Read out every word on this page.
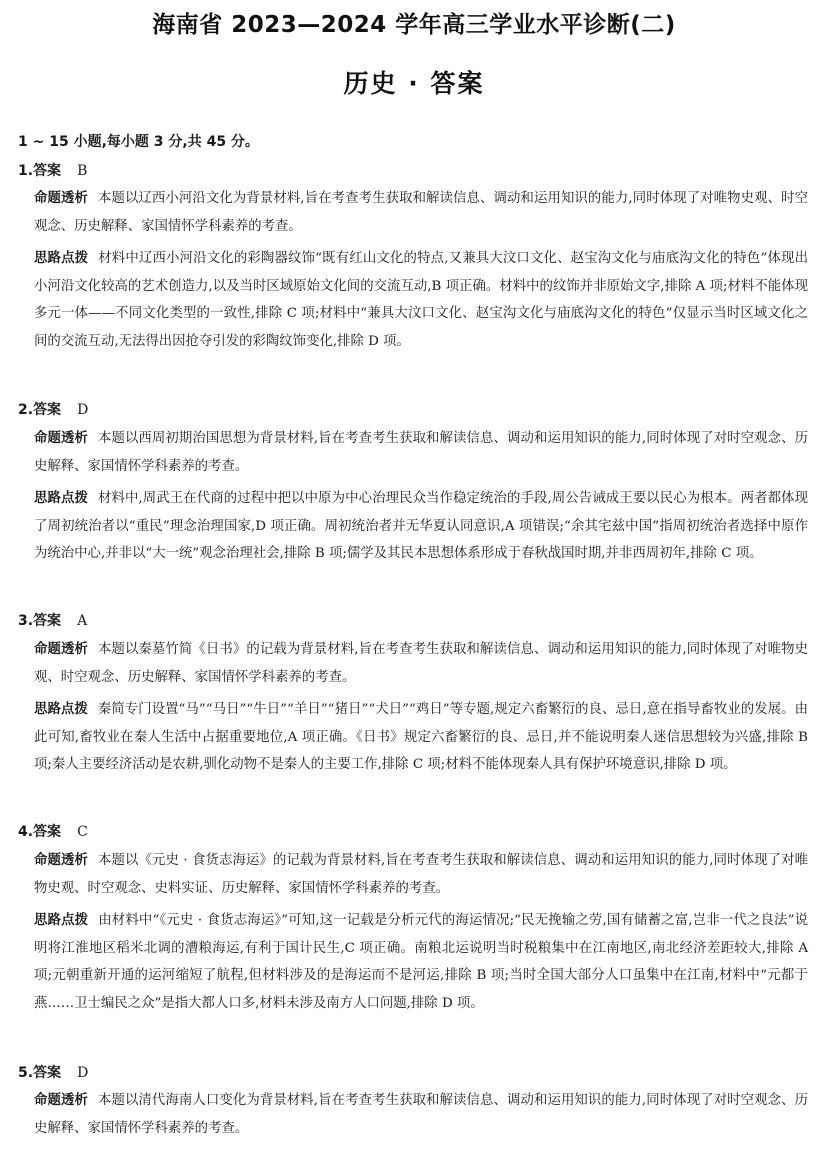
海南省 2023—2024 学年高三学业水平诊断(二)
历史 · 答案
1 ~ 15 小题,每小题 3 分,共 45 分。
1.答案 B
命题透析 本题以辽西小河沿文化为背景材料,旨在考查考生获取和解读信息、调动和运用知识的能力,同时体现了对唯物史观、时空观念、历史解释、家国情怀学科素养的考查。
思路点拨 材料中辽西小河沿文化的彩陶器纹饰“既有红山文化的特点,又兼具大汶口文化、赵宝沟文化与庙底沟文化的特色”体现出小河沿文化较高的艺术创造力,以及当时区域原始文化间的交流互动,B 项正确。材料中的纹饰并非原始文字,排除 A 项;材料不能体现多元一体——不同文化类型的一致性,排除 C 项;材料中“兼具大汶口文化、赵宝沟文化与庙底沟文化的特色”仅显示当时区域文化之间的交流互动,无法得出因抢夺引发的彩陶纹饰变化,排除 D 项。
2.答案 D
命题透析 本题以西周初期治国思想为背景材料,旨在考查考生获取和解读信息、调动和运用知识的能力,同时体现了对时空观念、历史解释、家国情怀学科素养的考查。
思路点拨 材料中,周武王在代商的过程中把以中原为中心治理民众当作稳定统治的手段,周公告诫成王要以民心为根本。两者都体现了周初统治者以“重民”理念治理国家,D 项正确。周初统治者并无华夏认同意识,A 项错误;“余其宅兹中国”指周初统治者选择中原作为统治中心,并非以“大一统”观念治理社会,排除 B 项;儒学及其民本思想体系形成于春秋战国时期,并非西周初年,排除 C 项。
3.答案 A
命题透析 本题以秦墓竹简《日书》的记载为背景材料,旨在考查考生获取和解读信息、调动和运用知识的能力,同时体现了对唯物史观、时空观念、历史解释、家国情怀学科素养的考查。
思路点拨 秦简专门设置“马”“马日”“牛日”“羊日”“猪日”“犬日”“鸡日”等专题,规定六畜繁衍的良、忌日,意在指导畜牧业的发展。由此可知,畜牧业在秦人生活中占据重要地位,A 项正确。《日书》规定六畜繁衍的良、忌日,并不能说明秦人迷信思想较为兴盛,排除 B 项;秦人主要经济活动是农耕,驯化动物不是秦人的主要工作,排除 C 项;材料不能体现秦人具有保护环境意识,排除 D 项。
4.答案 C
命题透析 本题以《元史 · 食货志海运》的记载为背景材料,旨在考查考生获取和解读信息、调动和运用知识的能力,同时体现了对唯物史观、时空观念、史料实证、历史解释、家国情怀学科素养的考查。
思路点拨 由材料中“《元史 · 食货志海运》”可知,这一记载是分析元代的海运情况;“民无挽输之劳,国有储蓄之富,岂非一代之良法”说明将江淮地区稻米北调的漕粮海运,有利于国计民生,C 项正确。南粮北运说明当时税粮集中在江南地区,南北经济差距较大,排除 A 项;元朝重新开通的运河缩短了航程,但材料涉及的是海运而不是河运,排除 B 项;当时全国大部分人口虽集中在江南,材料中“元都于燕……卫士编民之众”是指大都人口多,材料未涉及南方人口问题,排除 D 项。
5.答案 D
命题透析 本题以清代海南人口变化为背景材料,旨在考查考生获取和解读信息、调动和运用知识的能力,同时体现了对时空观念、历史解释、家国情怀学科素养的考查。
